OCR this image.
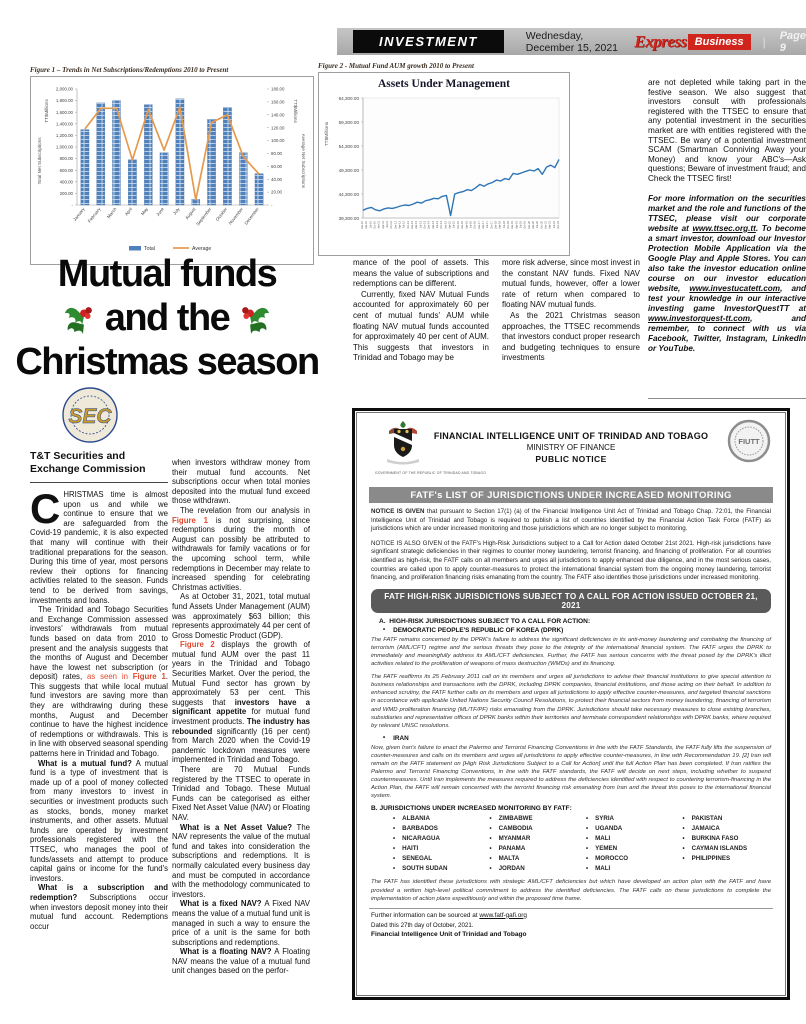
INVESTMENT	Wednesday, December 15, 2021 Express Business	| Page 9
Figure 1 – Trends in Net Subscriptions/Redemptions 2010 to Present
2,000.00
1,800.00
1,600.00
1,400.00
1,200.00
1,000.00
800.00
600.00
400.00
200.00
-
180.00
160.00
140.00
120.00
100.00
80.00
60.00
40.00
20.00
-
January February March April May June July August
September October November December
Total Net Subscriptions
TT$Millions	TT$Millions
Average Net Subscriptions
Total	Average
Figure 2 - Mutual Fund AUM growth 2010 to Present
Assets Under Management
64,300.00
59,300.00
54,300.00
49,300.00
44,300.00
39,300.00
Jan-10 Apr-10 Jul-10 Oct-10 Jan-11 Apr-11 Jul-11 Oct-11 Jan-12 Apr-12 Jul-12 Oct-12 Jan-13 Apr-13 Jul-13 Oct-13 Jan-14 Apr-14 Jul-14 Oct-14 Jan-15 Apr-15 Jul-15 Oct-15 Jan-16 Apr-16 Jul-16 Oct-16 Jan-17 Apr-17 Jul-17 Oct-17 Jan-18 Apr-18 Jul-18 Oct-18 Jan-19 Apr-19 Jul-19 Oct-19 Jan-20 Apr-20 Jul-20 Oct-20 Jan-21 Apr-21 Jul-21 Oct-21
TT$Millions

are not depleted while taking part in the festive season. We also suggest that investors consult with professionals registered with the TTSEC to ensure that any potential investment in the securities market are with entities registered with the TTSEC. Be wary of a potential investment SCAM (Smartman Conniving Away your Money) and know your ABC's—Ask questions; Beware of investment fraud; and Check the TTSEC first!

For more information on the securities market and the role and functions of the TTSEC, please visit our corporate website at www.ttsec.org.tt. To become a smart investor, download our Investor Protection Mobile Application via the Google Play and Apple Stores. You can also take the investor education online course on our investor education website, www.investucatett.com, and test your knowledge in our interactive investing game InvestorQuestTT at www.investorquest-tt.com, and remember, to connect with us via Facebook, Twitter, Instagram, LinkedIn or YouTube.
Mutual funds
and the
Christmas season

mance of the pool of assets. This means the value of subscriptions and redemptions can be different.

Currently, fixed NAV Mutual Funds accounted for approximately 60 per cent of mutual funds' AUM while floating NAV mutual funds accounted for approximately 40 per cent of AUM. This suggests that investors in Trinidad and Tobago may be

more risk adverse, since most invest in the constant NAV funds. Fixed NAV mutual funds, however, offer a lower rate of return when compared to floating NAV mutual funds.

As the 2021 Christmas season approaches, the TTSEC recommends that investors conduct proper research and budgeting techniques to ensure investments

SEC
T&T Securities and Exchange Commission

CHRISTMAS time is almost upon us and while we continue to ensure that we are safeguarded from the Covid-19 pandemic, it is also expected that many will continue with their traditional preparations for the season. During this time of year, most persons review their options for financing activities related to the season. Funds tend to be derived from savings, investments and loans.

The Trinidad and Tobago Securities and Exchange Commission assessed investors' withdrawals from mutual funds based on data from 2010 to present and the analysis suggests that the months of August and December have the lowest net subscription (or deposit) rates, as seen in Figure 1. This suggests that while local mutual fund investors are saving more than they are withdrawing during these months, August and December continue to have the highest incidence of redemptions or withdrawals. This is in line with observed seasonal spending patterns here in Trinidad and Tobago.

What is a mutual fund? A mutual fund is a type of investment that is made up of a pool of money collected from many investors to invest in securities or investment products such as stocks, bonds, money market instruments, and other assets. Mutual funds are operated by investment professionals registered with the TTSEC, who manages the pool of funds/assets and attempt to produce capital gains or income for the fund's investors.

What is a subscription and redemption? Subscriptions occur when investors deposit money into their mutual fund account. Redemptions occur

when investors withdraw money from their mutual fund accounts. Net subscriptions occur when total monies deposited into the mutual fund exceed those withdrawn.

The revelation from our analysis in Figure 1 is not surprising, since redemptions during the month of August can possibly be attributed to withdrawals for family vacations or for the upcoming school term, while redemptions in December may relate to increased spending for celebrating Christmas activities.

As at October 31, 2021, total mutual fund Assets Under Management (AUM) was approximately $63 billion; this represents approximately 44 per cent of Gross Domestic Product (GDP).

Figure 2 displays the growth of mutual fund AUM over the past 11 years in the Trinidad and Tobago Securities Market. Over the period, the Mutual Fund sector has grown by approximately 53 per cent. This suggests that investors have a significant appetite for mutual fund investment products. The industry has rebounded significantly (16 per cent) from March 2020 when the Covid-19 pandemic lockdown measures were implemented in Trinidad and Tobago.

There are 70 Mutual Funds registered by the TTSEC to operate in Trinidad and Tobago. These Mutual Funds can be categorised as either Fixed Net Asset Value (NAV) or Floating NAV.

What is a Net Asset Value? The NAV represents the value of the mutual fund and takes into consideration the subscriptions and redemptions. It is normally calculated every business day and must be computed in accordance with the methodology communicated to investors.

What is a fixed NAV? A Fixed NAV means the value of a mutual fund unit is managed in such a way to ensure the price of a unit is the same for both subscriptions and redemptions.

What is a floating NAV? A Floating NAV means the value of a mutual fund unit changes based on the perfor-

GOVERNMENT OF THE REPUBLIC OF TRINIDAD AND TOBAGO
FIUTT
FINANCIAL INTELLIGENCE UNIT OF TRINIDAD AND TOBAGO
MINISTRY OF FINANCE
PUBLIC NOTICE
FATF's LIST OF JURISDICTIONS UNDER INCREASED MONITORING

NOTICE IS GIVEN that pursuant to Section 17(1) (a) of the Financial Intelligence Unit Act of Trinidad and Tobago Chap. 72:01, the Financial Intelligence Unit of Trinidad and Tobago is required to publish a list of countries identified by the Financial Action Task Force (FATF) as jurisdictions which are under increased monitoring and those jurisdictions which are no longer subject to monitoring.

NOTICE IS ALSO GIVEN of the FATF's High-Risk Jurisdictions subject to a Call for Action dated October 21st 2021. High-risk jurisdictions have significant strategic deficiencies in their regimes to counter money laundering, terrorist financing, and financing of proliferation. For all countries identified as high-risk, the FATF calls on all members and urges all jurisdictions to apply enhanced due diligence, and in the most serious cases, countries are called upon to apply counter-measures to protect the international financial system from the ongoing money laundering, terrorist financing, and proliferation financing risks emanating from the country. The FATF also identifies those jurisdictions under increased monitoring.

FATF HIGH-RISK JURISDICTIONS SUBJECT TO A CALL FOR ACTION ISSUED OCTOBER 21, 2021
A. HIGH-RISK JURISDICTIONS SUBJECT TO A CALL FOR ACTION:
• DEMOCRATIC PEOPLE'S REPUBLIC OF KOREA (DPRK)

The FATF remains concerned by the DPRK's failure to address the significant deficiencies in its anti-money laundering and combating the financing of terrorism (AML/CFT) regime and the serious threats they pose to the integrity of the international financial system. The FATF urges the DPRK to immediately and meaningfully address its AML/CFT deficiencies. Further, the FATF has serious concerns with the threat posed by the DPRK's illicit activities related to the proliferation of weapons of mass destruction (WMDs) and its financing.

The FATF reaffirms its 25 February 2011 call on its members and urges all jurisdictions to advise their financial institutions to give special attention to business relationships and transactions with the DPRK, including DPRK companies, financial institutions, and those acting on their behalf. In addition to enhanced scrutiny, the FATF further calls on its members and urges all jurisdictions to apply effective counter-measures, and targeted financial sanctions in accordance with applicable United Nations Security Council Resolutions, to protect their financial sectors from money laundering, financing of terrorism and WMD proliferation financing (ML/TF/PF) risks emanating from the DPRK. Jurisdictions should take necessary measures to close existing branches, subsidiaries and representative offices of DPRK banks within their territories and terminate correspondent relationships with DPRK banks, where required by relevant UNSC resolutions.

• IRAN

Now, given Iran's failure to enact the Palermo and Terrorist Financing Conventions in line with the FATF Standards, the FATF fully lifts the suspension of counter-measures and calls on its members and urges all jurisdictions to apply effective counter-measures, in line with Recommendation 19. [2] Iran will remain on the FATF statement on [High Risk Jurisdictions Subject to a Call for Action] until the full Action Plan has been completed. If Iran ratifies the Palermo and Terrorist Financing Conventions, in line with the FATF standards, the FATF will decide on next steps, including whether to suspend countermeasures. Until Iran implements the measures required to address the deficiencies identified with respect to countering terrorism-financing in the Action Plan, the FATF will remain concerned with the terrorist financing risk emanating from Iran and the threat this poses to the international financial system.

B. JURISDICTIONS UNDER INCREASED MONITORING BY FATF:
• ALBANIA
• BARBADOS
• NICARAGUA
• HAITI
• SENEGAL
• SOUTH SUDAN
• ZIMBABWE
• CAMBODIA
• MYANMAR
• PANAMA
• MALTA
• JORDAN
• SYRIA
• UGANDA
• MALI
• YEMEN
• MOROCCO
• MALI
• PAKISTAN
• JAMAICA
• BURKINA FASO
• CAYMAN ISLANDS
• PHILIPPINES

The FATF has identified these jurisdictions with strategic AML/CFT deficiencies but which have developed an action plan with the FATF and have provided a written high-level political commitment to address the identified deficiencies. The FATF calls on these jurisdictions to complete the implementation of action plans expeditiously and within the proposed time frame.

Further information can be sourced at www.fatf-gafi.org
Dated this 27th day of October, 2021.
Financial Intelligence Unit of Trinidad and Tobago
